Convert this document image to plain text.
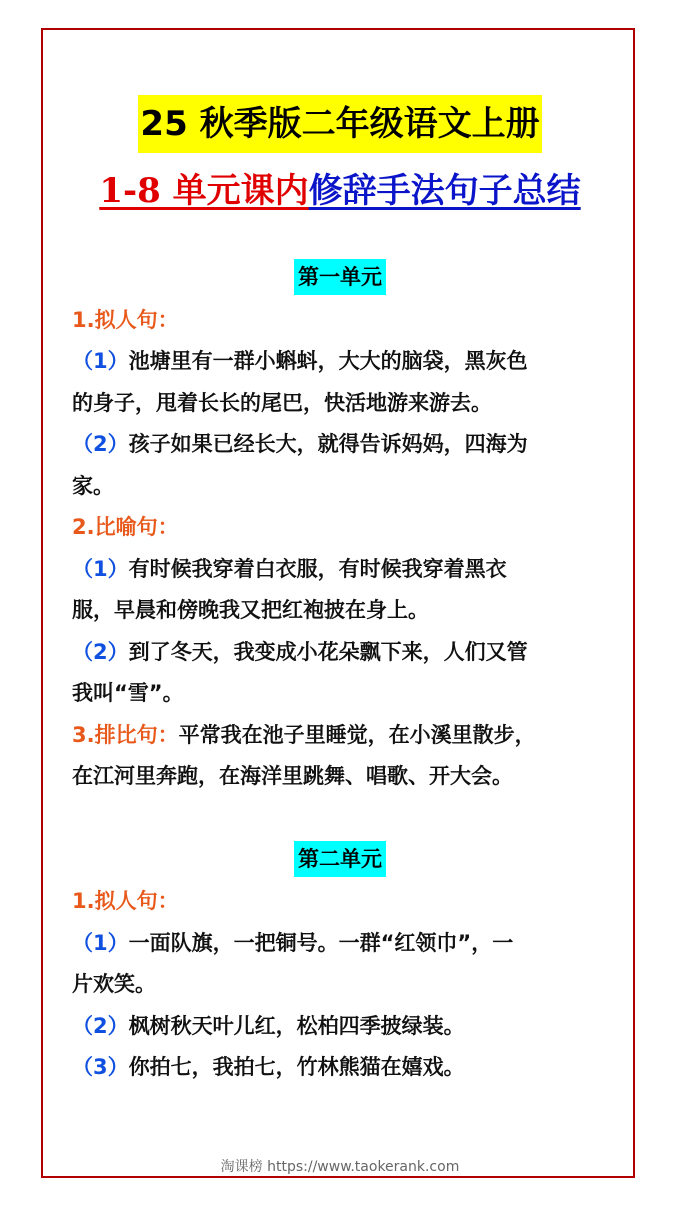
25 秋季版二年级语文上册
1-8 单元课内修辞手法句子总结
第一单元
1.拟人句：
（1）池塘里有一群小蝌蚪，大大的脑袋，黑灰色
的身子，甩着长长的尾巴，快活地游来游去。
（2）孩子如果已经长大，就得告诉妈妈，四海为
家。
2.比喻句：
（1）有时候我穿着白衣服，有时候我穿着黑衣
服，早晨和傍晚我又把红袍披在身上。
（2）到了冬天，我变成小花朵飘下来，人们又管
我叫“雪”。
3.排比句：平常我在池子里睡觉，在小溪里散步，
在江河里奔跑，在海洋里跳舞、唱歌、开大会。
第二单元
1.拟人句：
（1）一面队旗，一把铜号。一群“红领巾”，一
片欢笑。
（2）枫树秋天叶儿红，松柏四季披绿装。
（3）你拍七，我拍七，竹林熊猫在嬉戏。
淘课榜 https://www.taokerank.com
